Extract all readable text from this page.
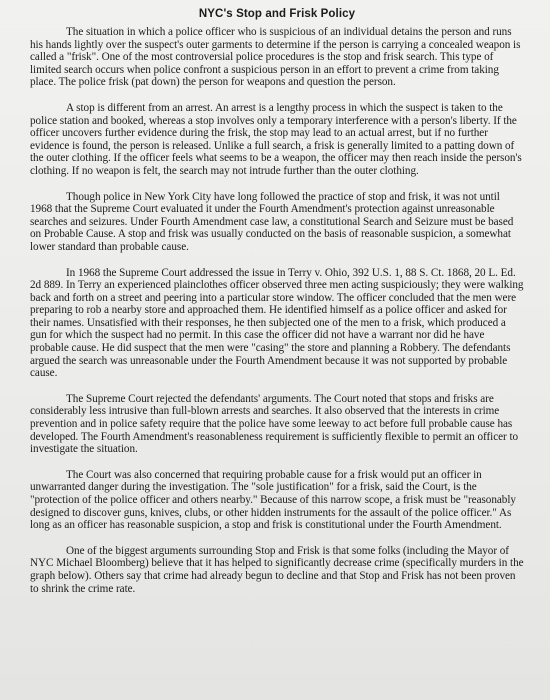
NYC's Stop and Frisk Policy

The situation in which a police officer who is suspicious of an individual detains the person and runs his hands lightly over the suspect's outer garments to determine if the person is carrying a concealed weapon is called a "frisk". One of the most controversial police procedures is the stop and frisk search. This type of limited search occurs when police confront a suspicious person in an effort to prevent a crime from taking place. The police frisk (pat down) the person for weapons and question the person.

A stop is different from an arrest. An arrest is a lengthy process in which the suspect is taken to the police station and booked, whereas a stop involves only a temporary interference with a person's liberty. If the officer uncovers further evidence during the frisk, the stop may lead to an actual arrest, but if no further evidence is found, the person is released. Unlike a full search, a frisk is generally limited to a patting down of the outer clothing. If the officer feels what seems to be a weapon, the officer may then reach inside the person's clothing. If no weapon is felt, the search may not intrude further than the outer clothing.

Though police in New York City have long followed the practice of stop and frisk, it was not until 1968 that the Supreme Court evaluated it under the Fourth Amendment's protection against unreasonable searches and seizures. Under Fourth Amendment case law, a constitutional Search and Seizure must be based on Probable Cause. A stop and frisk was usually conducted on the basis of reasonable suspicion, a somewhat lower standard than probable cause.

In 1968 the Supreme Court addressed the issue in Terry v. Ohio, 392 U.S. 1, 88 S. Ct. 1868, 20 L. Ed. 2d 889. In Terry an experienced plainclothes officer observed three men acting suspiciously; they were walking back and forth on a street and peering into a particular store window. The officer concluded that the men were preparing to rob a nearby store and approached them. He identified himself as a police officer and asked for their names. Unsatisfied with their responses, he then subjected one of the men to a frisk, which produced a gun for which the suspect had no permit. In this case the officer did not have a warrant nor did he have probable cause. He did suspect that the men were "casing" the store and planning a Robbery. The defendants argued the search was unreasonable under the Fourth Amendment because it was not supported by probable cause.

The Supreme Court rejected the defendants' arguments. The Court noted that stops and frisks are considerably less intrusive than full-blown arrests and searches. It also observed that the interests in crime prevention and in police safety require that the police have some leeway to act before full probable cause has developed. The Fourth Amendment's reasonableness requirement is sufficiently flexible to permit an officer to investigate the situation.

The Court was also concerned that requiring probable cause for a frisk would put an officer in unwarranted danger during the investigation. The "sole justification" for a frisk, said the Court, is the "protection of the police officer and others nearby." Because of this narrow scope, a frisk must be "reasonably designed to discover guns, knives, clubs, or other hidden instruments for the assault of the police officer." As long as an officer has reasonable suspicion, a stop and frisk is constitutional under the Fourth Amendment.

One of the biggest arguments surrounding Stop and Frisk is that some folks (including the Mayor of NYC Michael Bloomberg) believe that it has helped to significantly decrease crime (specifically murders in the graph below). Others say that crime had already begun to decline and that Stop and Frisk has not been proven to shrink the crime rate.
